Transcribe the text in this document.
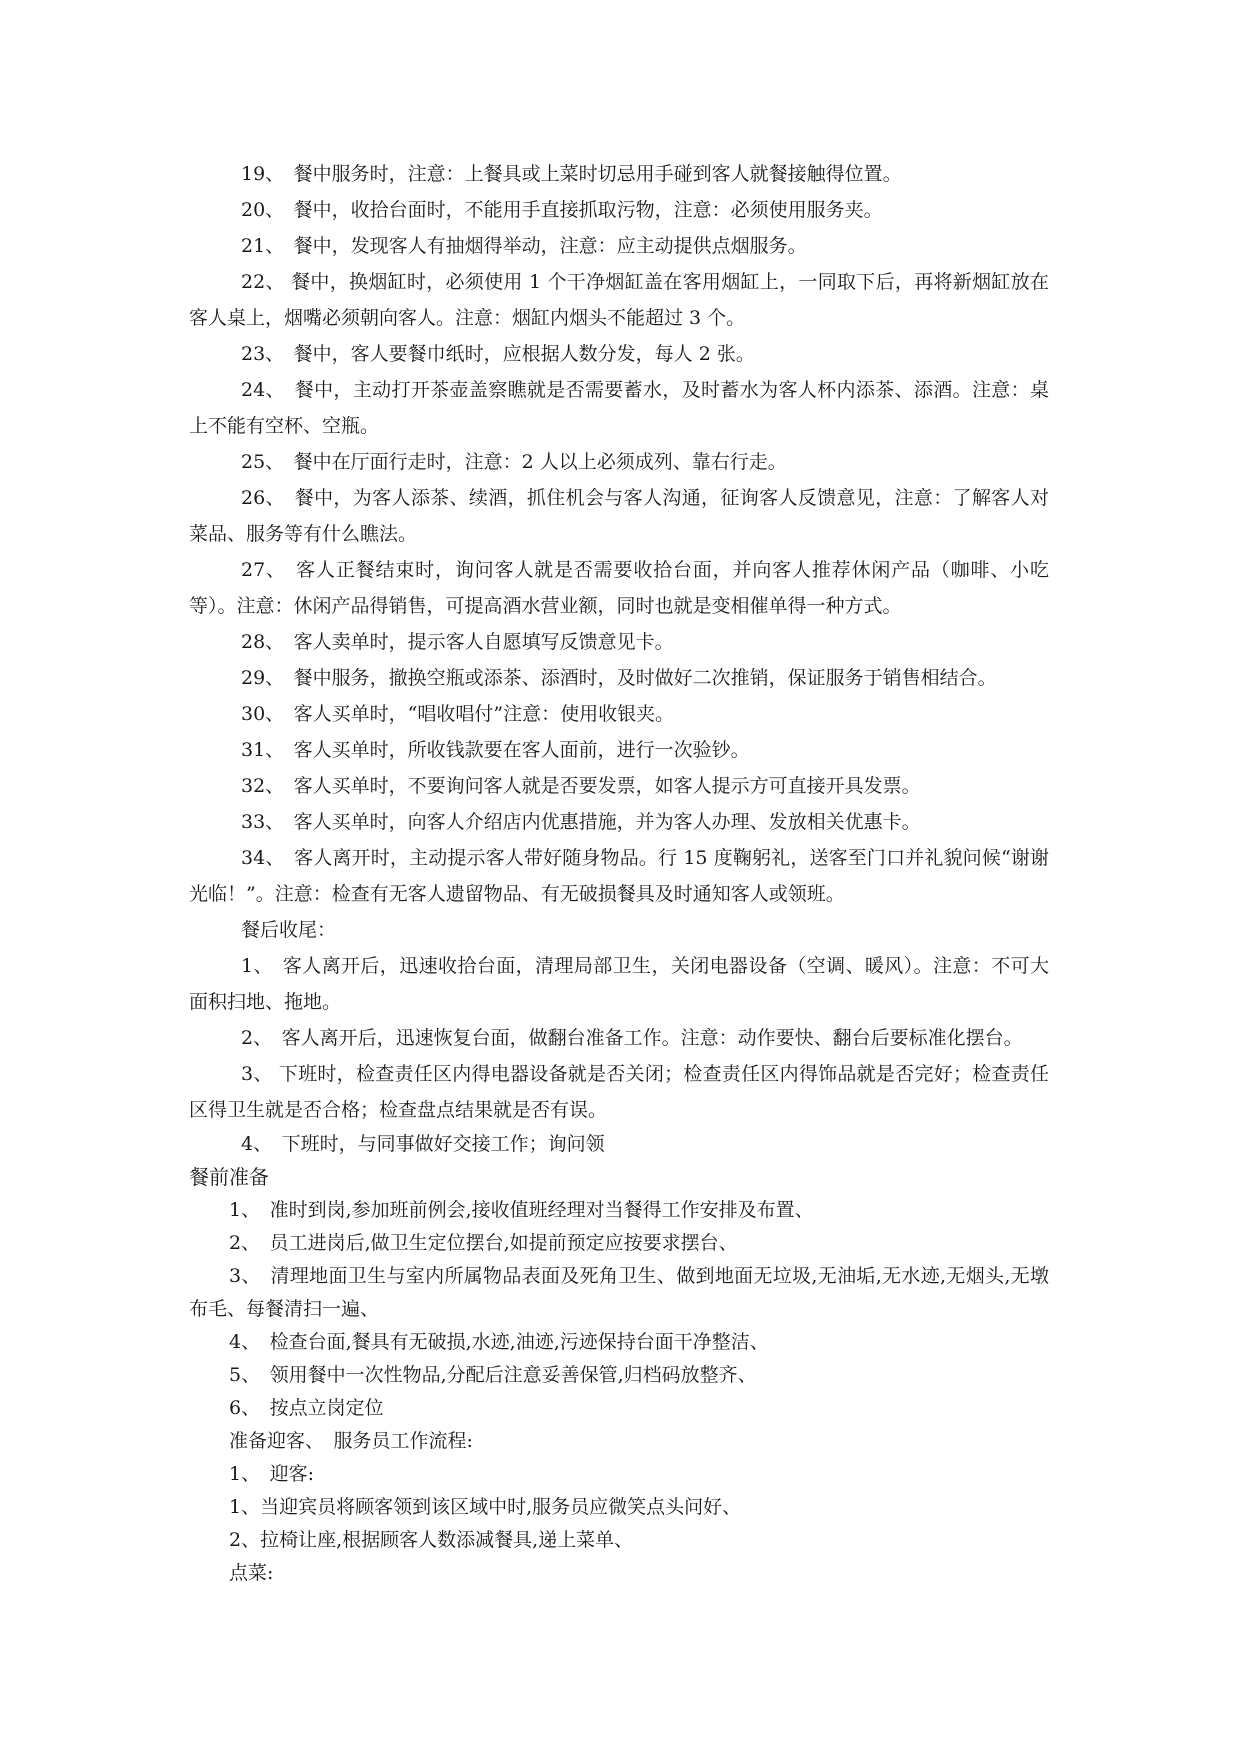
19、　餐中服务时，注意：上餐具或上菜时切忌用手碰到客人就餐接触得位置。

20、　餐中，收拾台面时，不能用手直接抓取污物，注意：必须使用服务夹。

21、　餐中，发现客人有抽烟得举动，注意：应主动提供点烟服务。

22、 餐中，换烟缸时，必须使用 1 个干净烟缸盖在客用烟缸上，一同取下后，再将新烟缸放在客人桌上，烟嘴必须朝向客人。注意：烟缸内烟头不能超过 3 个。

23、　餐中，客人要餐巾纸时，应根据人数分发，每人 2 张。

24、　餐中，主动打开茶壶盖察瞧就是否需要蓄水，及时蓄水为客人杯内添茶、添酒。注意：桌上不能有空杯、空瓶。

25、　餐中在厅面行走时，注意：2 人以上必须成列、靠右行走。

26、　餐中，为客人添茶、续酒，抓住机会与客人沟通，征询客人反馈意见，注意：了解客人对菜品、服务等有什么瞧法。

27、　客人正餐结束时，询问客人就是否需要收拾台面，并向客人推荐休闲产品（咖啡、小吃等）。注意：休闲产品得销售，可提高酒水营业额，同时也就是变相催单得一种方式。

28、　客人卖单时，提示客人自愿填写反馈意见卡。

29、　餐中服务，撤换空瓶或添茶、添酒时，及时做好二次推销，保证服务于销售相结合。

30、　客人买单时，“唱收唱付”注意：使用收银夹。

31、　客人买单时，所收钱款要在客人面前，进行一次验钞。

32、　客人买单时，不要询问客人就是否要发票，如客人提示方可直接开具发票。

33、　客人买单时，向客人介绍店内优惠措施，并为客人办理、发放相关优惠卡。

34、　客人离开时，主动提示客人带好随身物品。行 15 度鞠躬礼，送客至门口并礼貌问候“谢谢光临！”。注意：检查有无客人遗留物品、有无破损餐具及时通知客人或领班。

餐后收尾：

1、　客人离开后，迅速收拾台面，清理局部卫生，关闭电器设备（空调、暖风）。注意：不可大面积扫地、拖地。

2、　客人离开后，迅速恢复台面，做翻台准备工作。注意：动作要快、翻台后要标准化摆台。

3、 下班时，检查责任区内得电器设备就是否关闭；检查责任区内得饰品就是否完好；检查责任区得卫生就是否合格；检查盘点结果就是否有误。

4、　下班时，与同事做好交接工作；询问领

餐前准备

1、　准时到岗,参加班前例会,接收值班经理对当餐得工作安排及布置、

2、　员工进岗后,做卫生定位摆台,如提前预定应按要求摆台、

3、　清理地面卫生与室内所属物品表面及死角卫生、做到地面无垃圾,无油垢,无水迹,无烟头,无墩布毛、每餐清扫一遍、

4、　检查台面,餐具有无破损,水迹,油迹,污迹保持台面干净整洁、

5、　领用餐中一次性物品,分配后注意妥善保管,归档码放整齐、

6、　按点立岗定位

准备迎客、　服务员工作流程:

1、　迎客:

1、当迎宾员将顾客领到该区域中时,服务员应微笑点头问好、

2、拉椅让座,根据顾客人数添减餐具,递上菜单、

点菜:
